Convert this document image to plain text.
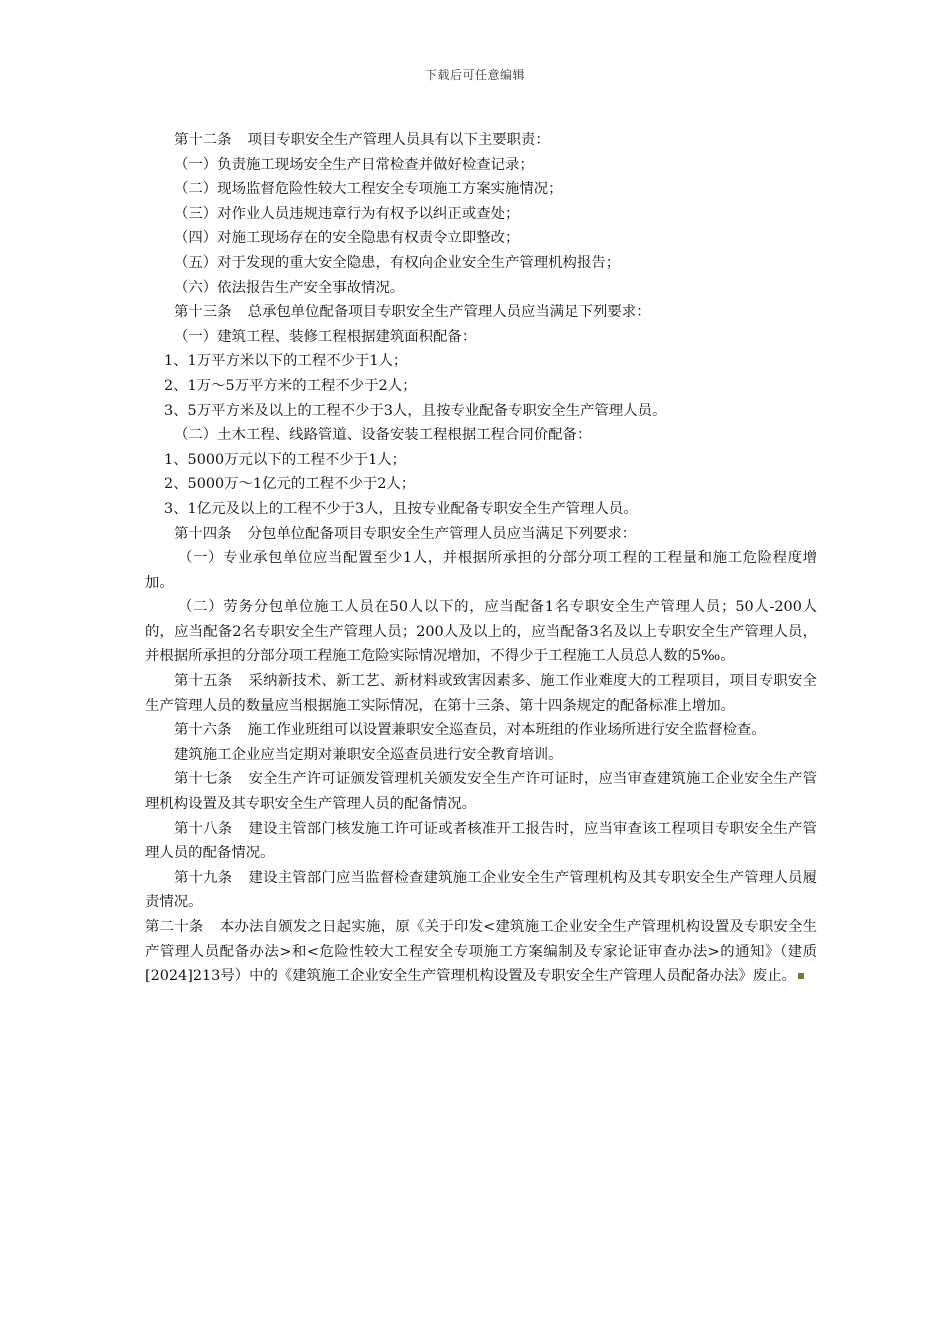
下载后可任意编辑

第十二条 项目专职安全生产管理人员具有以下主要职责：

（一）负责施工现场安全生产日常检查并做好检查记录；

（二）现场监督危险性较大工程安全专项施工方案实施情况；

（三）对作业人员违规违章行为有权予以纠正或查处；

（四）对施工现场存在的安全隐患有权责令立即整改；

（五）对于发现的重大安全隐患，有权向企业安全生产管理机构报告；

（六）依法报告生产安全事故情况。

第十三条 总承包单位配备项目专职安全生产管理人员应当满足下列要求：

（一）建筑工程、装修工程根据建筑面积配备：

1、1万平方米以下的工程不少于1人；

2、1万～5万平方米的工程不少于2人；

3、5万平方米及以上的工程不少于3人，且按专业配备专职安全生产管理人员。

（二）土木工程、线路管道、设备安装工程根据工程合同价配备：

1、5000万元以下的工程不少于1人；

2、5000万～1亿元的工程不少于2人；

3、1亿元及以上的工程不少于3人，且按专业配备专职安全生产管理人员。

第十四条 分包单位配备项目专职安全生产管理人员应当满足下列要求：

（一）专业承包单位应当配置至少1人，并根据所承担的分部分项工程的工程量和施工危险程度增加。

（二）劳务分包单位施工人员在50人以下的，应当配备1名专职安全生产管理人员；50人-200人的，应当配备2名专职安全生产管理人员；200人及以上的，应当配备3名及以上专职安全生产管理人员，并根据所承担的分部分项工程施工危险实际情况增加，不得少于工程施工人员总人数的5‰。

第十五条 采纳新技术、新工艺、新材料或致害因素多、施工作业难度大的工程项目，项目专职安全生产管理人员的数量应当根据施工实际情况，在第十三条、第十四条规定的配备标准上增加。

第十六条 施工作业班组可以设置兼职安全巡查员，对本班组的作业场所进行安全监督检查。

建筑施工企业应当定期对兼职安全巡查员进行安全教育培训。

第十七条 安全生产许可证颁发管理机关颁发安全生产许可证时，应当审查建筑施工企业安全生产管理机构设置及其专职安全生产管理人员的配备情况。

第十八条 建设主管部门核发施工许可证或者核准开工报告时，应当审查该工程项目专职安全生产管理人员的配备情况。

第十九条 建设主管部门应当监督检查建筑施工企业安全生产管理机构及其专职安全生产管理人员履责情况。

第二十条 本办法自颁发之日起实施，原《关于印发<建筑施工企业安全生产管理机构设置及专职安全生产管理人员配备办法>和<危险性较大工程安全专项施工方案编制及专家论证审查办法>的通知》（建质[2024]213号）中的《建筑施工企业安全生产管理机构设置及专职安全生产管理人员配备办法》废止。
